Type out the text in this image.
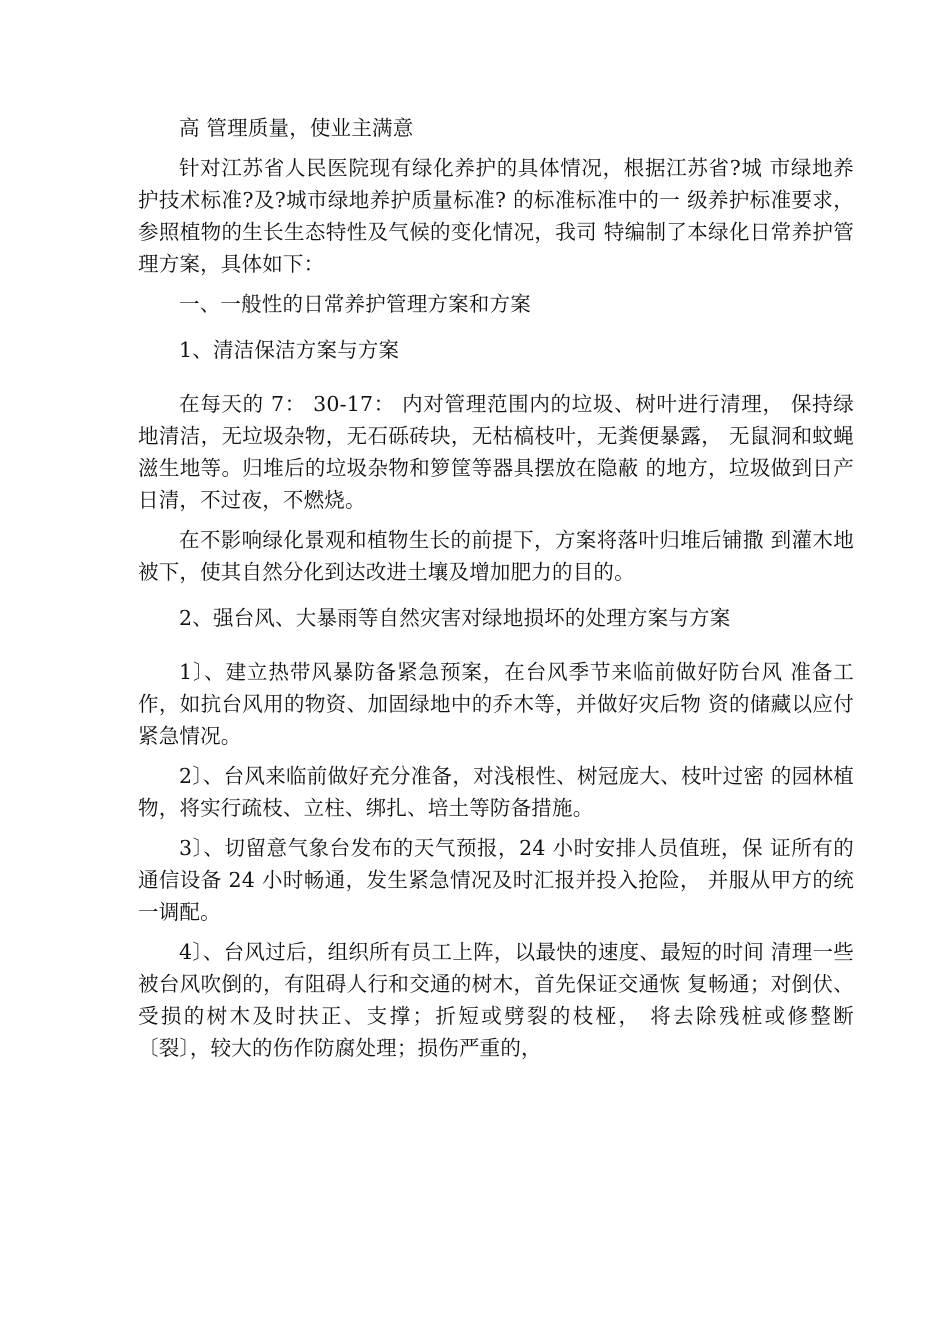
高 管理质量，使业主满意

针对江苏省人民医院现有绿化养护的具体情况，根据江苏省?城 市绿地养护技术标准?及?城市绿地养护质量标准? 的标准标准中的一 级养护标准要求，参照植物的生长生态特性及气候的变化情况，我司 特编制了本绿化日常养护管理方案，具体如下：

一、一般性的日常养护管理方案和方案

1、清洁保洁方案与方案

在每天的 7： 30-17： 内对管理范围内的垃圾、树叶进行清理， 保持绿地清洁，无垃圾杂物，无石砾砖块，无枯槁枝叶，无粪便暴露， 无鼠洞和蚊蝇滋生地等。归堆后的垃圾杂物和箩筐等器具摆放在隐蔽 的地方，垃圾做到日产日清，不过夜，不燃烧。

在不影响绿化景观和植物生长的前提下，方案将落叶归堆后铺撒 到灌木地被下，使其自然分化到达改进土壤及增加肥力的目的。

2、强台风、大暴雨等自然灾害对绿地损坏的处理方案与方案

1〕、建立热带风暴防备紧急预案，在台风季节来临前做好防台风 准备工作，如抗台风用的物资、加固绿地中的乔木等，并做好灾后物 资的储藏以应付紧急情况。

2〕、台风来临前做好充分准备，对浅根性、树冠庞大、枝叶过密 的园林植物，将实行疏枝、立柱、绑扎、培土等防备措施。

3〕、切留意气象台发布的天气预报，24 小时安排人员值班，保 证所有的通信设备 24 小时畅通，发生紧急情况及时汇报并投入抢险， 并服从甲方的统一调配。

4〕、台风过后，组织所有员工上阵，以最快的速度、最短的时间 清理一些被台风吹倒的，有阻碍人行和交通的树木，首先保证交通恢 复畅通；对倒伏、受损的树木及时扶正、支撑；折短或劈裂的枝桠， 将去除残桩或修整断〔裂〕，较大的伤作防腐处理；损伤严重的，
